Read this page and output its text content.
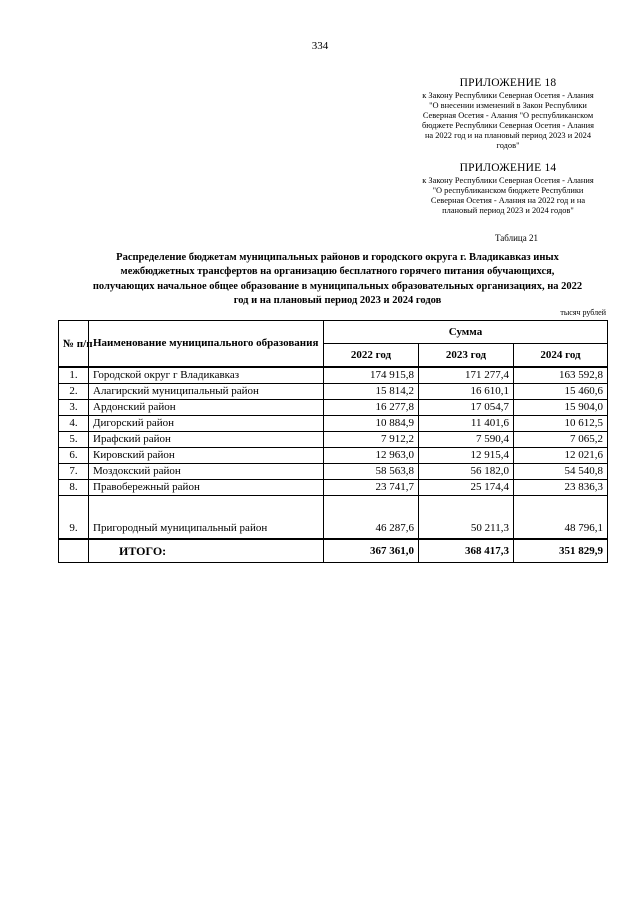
334
ПРИЛОЖЕНИЕ 18
к Закону Республики Северная Осетия - Алания
"О внесении изменений в Закон Республики
Северная Осетия - Алания "О республиканском
бюджете Республики Северная Осетия - Алания
на 2022 год и на плановый период 2023 и 2024
годов"
ПРИЛОЖЕНИЕ 14
к Закону Республики Северная Осетия - Алания
"О республиканском бюджете Республики
Северная Осетия - Алания на 2022 год и на
плановый период 2023 и 2024 годов"
Таблица 21
Распределение бюджетам муниципальных районов и городского округа г. Владикавказ иных
межбюджетных трансфертов на организацию бесплатного горячего питания обучающихся,
получающих начальное общее образование в муниципальных образовательных организациях, на 2022
год и на плановый период 2023 и 2024 годов
тысяч рублей
№ п/п	Наименование муниципального образования	Сумма		
		2022 год	2023 год	2024 год
1.	Городской округ г Владикавказ	174 915,8	171 277,4	163 592,8
2.	Алагирский муниципальный район	15 814,2	16 610,1	15 460,6
3.	Ардонский район	16 277,8	17 054,7	15 904,0
4.	Дигорский район	10 884,9	11 401,6	10 612,5
5.	Ирафский район	7 912,2	7 590,4	7 065,2
6.	Кировский район	12 963,0	12 915,4	12 021,6
7.	Моздокский район	58 563,8	56 182,0	54 540,8
8.	Правобережный район	23 741,7	25 174,4	23 836,3
9.	Пригородный муниципальный район	46 287,6	50 211,3	48 796,1
	ИТОГО:	367 361,0	368 417,3	351 829,9
